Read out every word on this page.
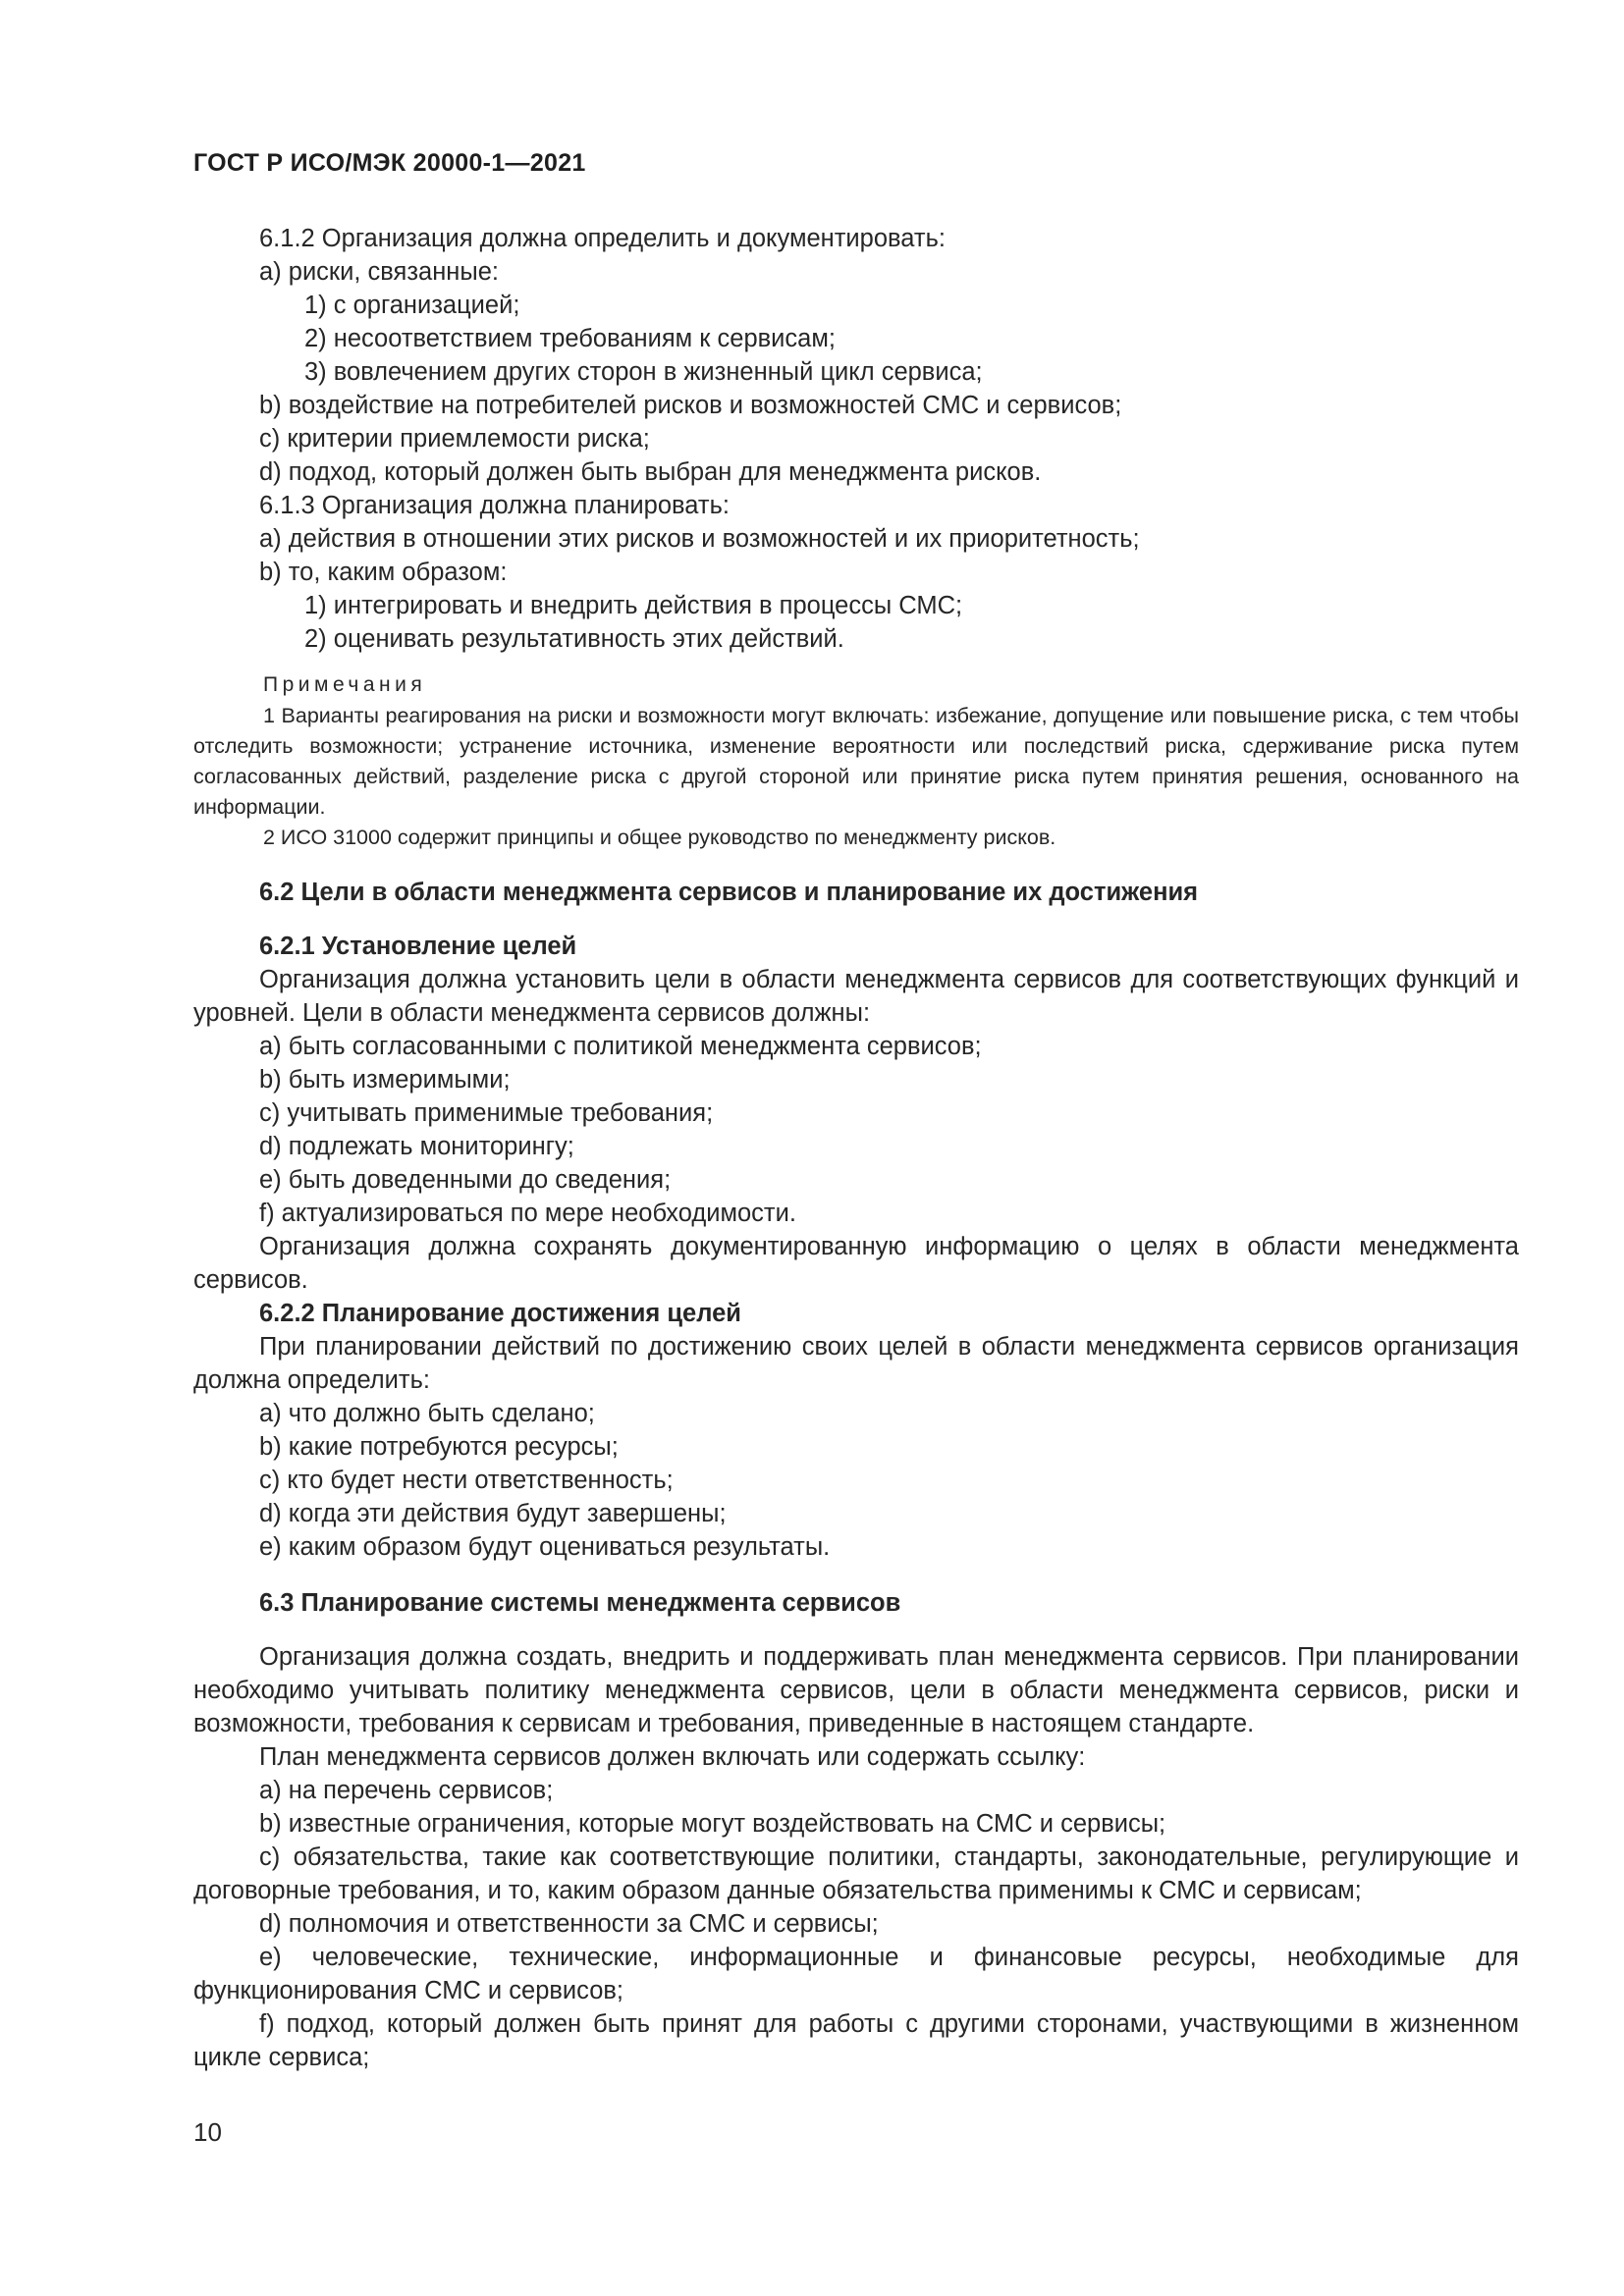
ГОСТ Р ИСО/МЭК 20000-1—2021

6.1.2 Организация должна определить и документировать:

а) риски, связанные:

1) с организацией;

2) несоответствием требованиям к сервисам;

3) вовлечением других сторон в жизненный цикл сервиса;

b) воздействие на потребителей рисков и возможностей СМС и сервисов;

c) критерии приемлемости риска;

d) подход, который должен быть выбран для менеджмента рисков.

6.1.3 Организация должна планировать:

а) действия в отношении этих рисков и возможностей и их приоритетность;

b) то, каким образом:

1) интегрировать и внедрить действия в процессы СМС;

2) оценивать результативность этих действий.

Примечания

1 Варианты реагирования на риски и возможности могут включать: избежание, допущение или повышение риска, с тем чтобы отследить возможности; устранение источника, изменение вероятности или последствий риска, сдерживание риска путем согласованных действий, разделение риска с другой стороной или принятие риска путем принятия решения, основанного на информации.

2 ИСО 31000 содержит принципы и общее руководство по менеджменту рисков.

6.2 Цели в области менеджмента сервисов и планирование их достижения

6.2.1 Установление целей

Организация должна установить цели в области менеджмента сервисов для соответствующих функций и уровней. Цели в области менеджмента сервисов должны:

а) быть согласованными с политикой менеджмента сервисов;

b) быть измеримыми;

c) учитывать применимые требования;

d) подлежать мониторингу;

е) быть доведенными до сведения;

f) актуализироваться по мере необходимости.

Организация должна сохранять документированную информацию о целях в области менеджмента сервисов.

6.2.2 Планирование достижения целей

При планировании действий по достижению своих целей в области менеджмента сервисов организация должна определить:

а) что должно быть сделано;

b) какие потребуются ресурсы;

c) кто будет нести ответственность;

d) когда эти действия будут завершены;

е) каким образом будут оцениваться результаты.

6.3 Планирование системы менеджмента сервисов

Организация должна создать, внедрить и поддерживать план менеджмента сервисов. При планировании необходимо учитывать политику менеджмента сервисов, цели в области менеджмента сервисов, риски и возможности, требования к сервисам и требования, приведенные в настоящем стандарте.

План менеджмента сервисов должен включать или содержать ссылку:

а) на перечень сервисов;

b) известные ограничения, которые могут воздействовать на СМС и сервисы;

c) обязательства, такие как соответствующие политики, стандарты, законодательные, регулирующие и договорные требования, и то, каким образом данные обязательства применимы к СМС и сервисам;

d) полномочия и ответственности за СМС и сервисы;

е) человеческие, технические, информационные и финансовые ресурсы, необходимые для функционирования СМС и сервисов;

f) подход, который должен быть принят для работы с другими сторонами, участвующими в жизненном цикле сервиса;

10
